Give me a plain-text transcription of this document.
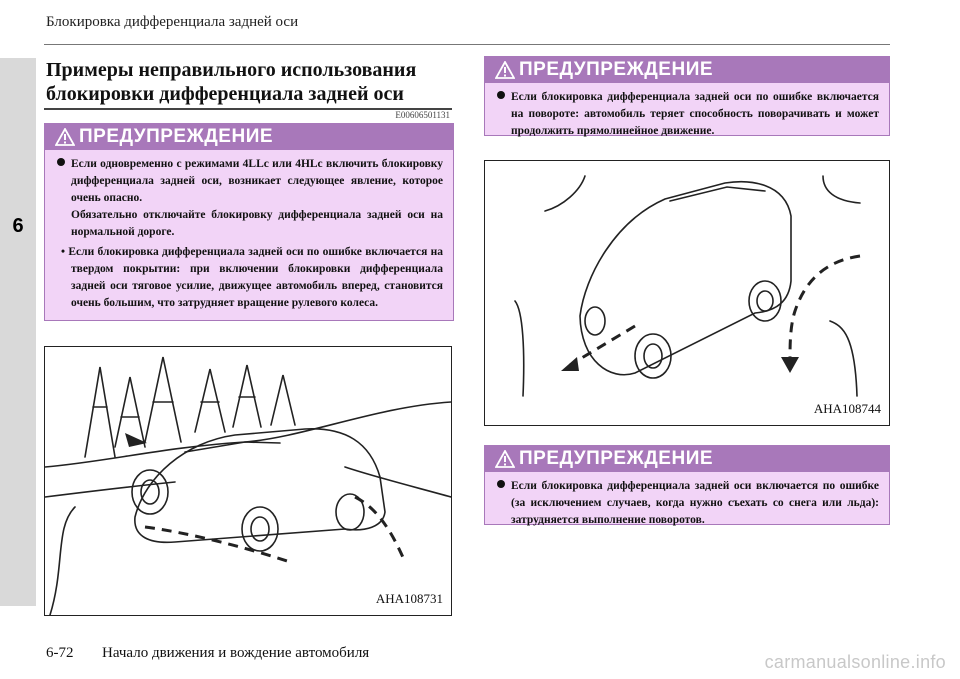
6
Блокировка дифференциала задней оси
Примеры неправильного использования
блокировки дифференциала задней оси
E00606501131
ПРЕДУПРЕЖДЕНИЕ

Если одновременно с режимами 4LLc или 4HLc включить блокировку дифференциала задней оси, возникает следующее явление, которое очень опасно.

Обязательно отключайте блокировку дифференциала задней оси на нормальной дороге.

• Если блокировка дифференциала задней оси по ошибке включается на твердом покрытии: при включении блокировки дифференциала задней оси тяговое усилие, движущее автомобиль вперед, становится очень большим, что затрудняет вращение рулевого колеса.

ПРЕДУПРЕЖДЕНИЕ

Если блокировка дифференциала задней оси по ошибке включается на повороте: автомобиль теряет способность поворачивать и может продолжить прямолинейное движение.

ПРЕДУПРЕЖДЕНИЕ

Если блокировка дифференциала задней оси включается по ошибке (за исключением случаев, когда нужно съехать со снега или льда): затрудняется выполнение поворотов.

AHA108731
AHA108744
6-72 Начало движения и вождение автомобиля	carmanualsonline.info
